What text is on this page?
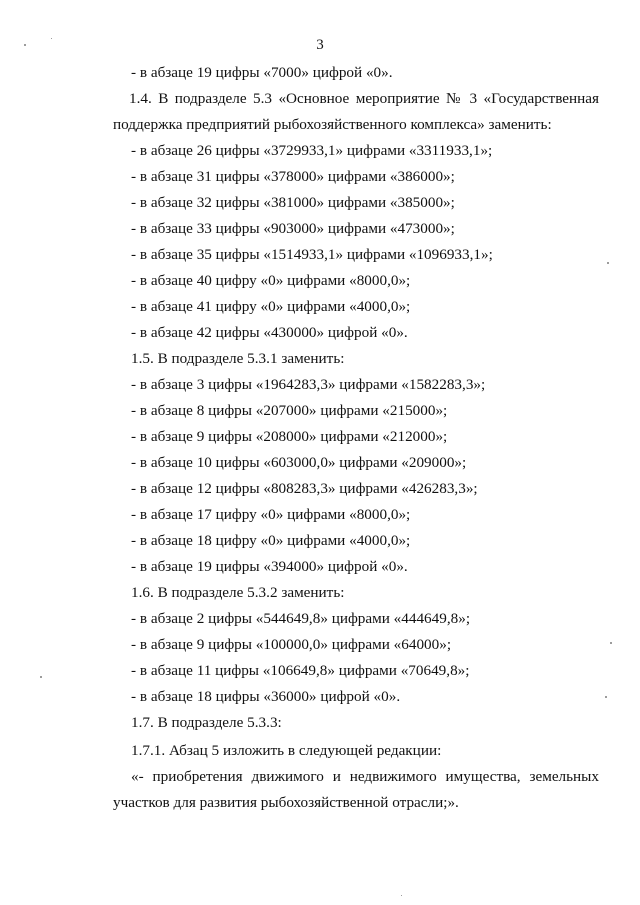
3
- в абзаце 19 цифры «7000» цифрой «0».
1.4. В подразделе 5.3 «Основное мероприятие № 3 «Государственная
поддержка предприятий рыбохозяйственного комплекса» заменить:
- в абзаце 26 цифры «3729933,1» цифрами «3311933,1»;
- в абзаце 31 цифры «378000» цифрами «386000»;
- в абзаце 32 цифры «381000» цифрами «385000»;
- в абзаце 33 цифры «903000» цифрами «473000»;
- в абзаце 35 цифры «1514933,1» цифрами «1096933,1»;
- в абзаце 40 цифру «0» цифрами «8000,0»;
- в абзаце 41 цифру «0» цифрами «4000,0»;
- в абзаце 42 цифры «430000» цифрой «0».
1.5. В подразделе 5.3.1 заменить:
- в абзаце 3 цифры «1964283,3» цифрами «1582283,3»;
- в абзаце 8 цифры «207000» цифрами «215000»;
- в абзаце 9 цифры «208000» цифрами «212000»;
- в абзаце 10 цифры «603000,0» цифрами «209000»;
- в абзаце 12 цифры «808283,3» цифрами «426283,3»;
- в абзаце 17 цифру «0» цифрами «8000,0»;
- в абзаце 18 цифру «0» цифрами «4000,0»;
- в абзаце 19 цифры «394000» цифрой «0».
1.6. В подразделе 5.3.2 заменить:
- в абзаце 2 цифры «544649,8» цифрами «444649,8»;
- в абзаце 9 цифры «100000,0» цифрами «64000»;
- в абзаце 11 цифры «106649,8» цифрами «70649,8»;
- в абзаце 18 цифры «36000» цифрой «0».
1.7. В подразделе 5.3.3:
1.7.1. Абзац 5 изложить в следующей редакции:
«- приобретения движимого и недвижимого имущества, земельных
участков для развития рыбохозяйственной отрасли;».
